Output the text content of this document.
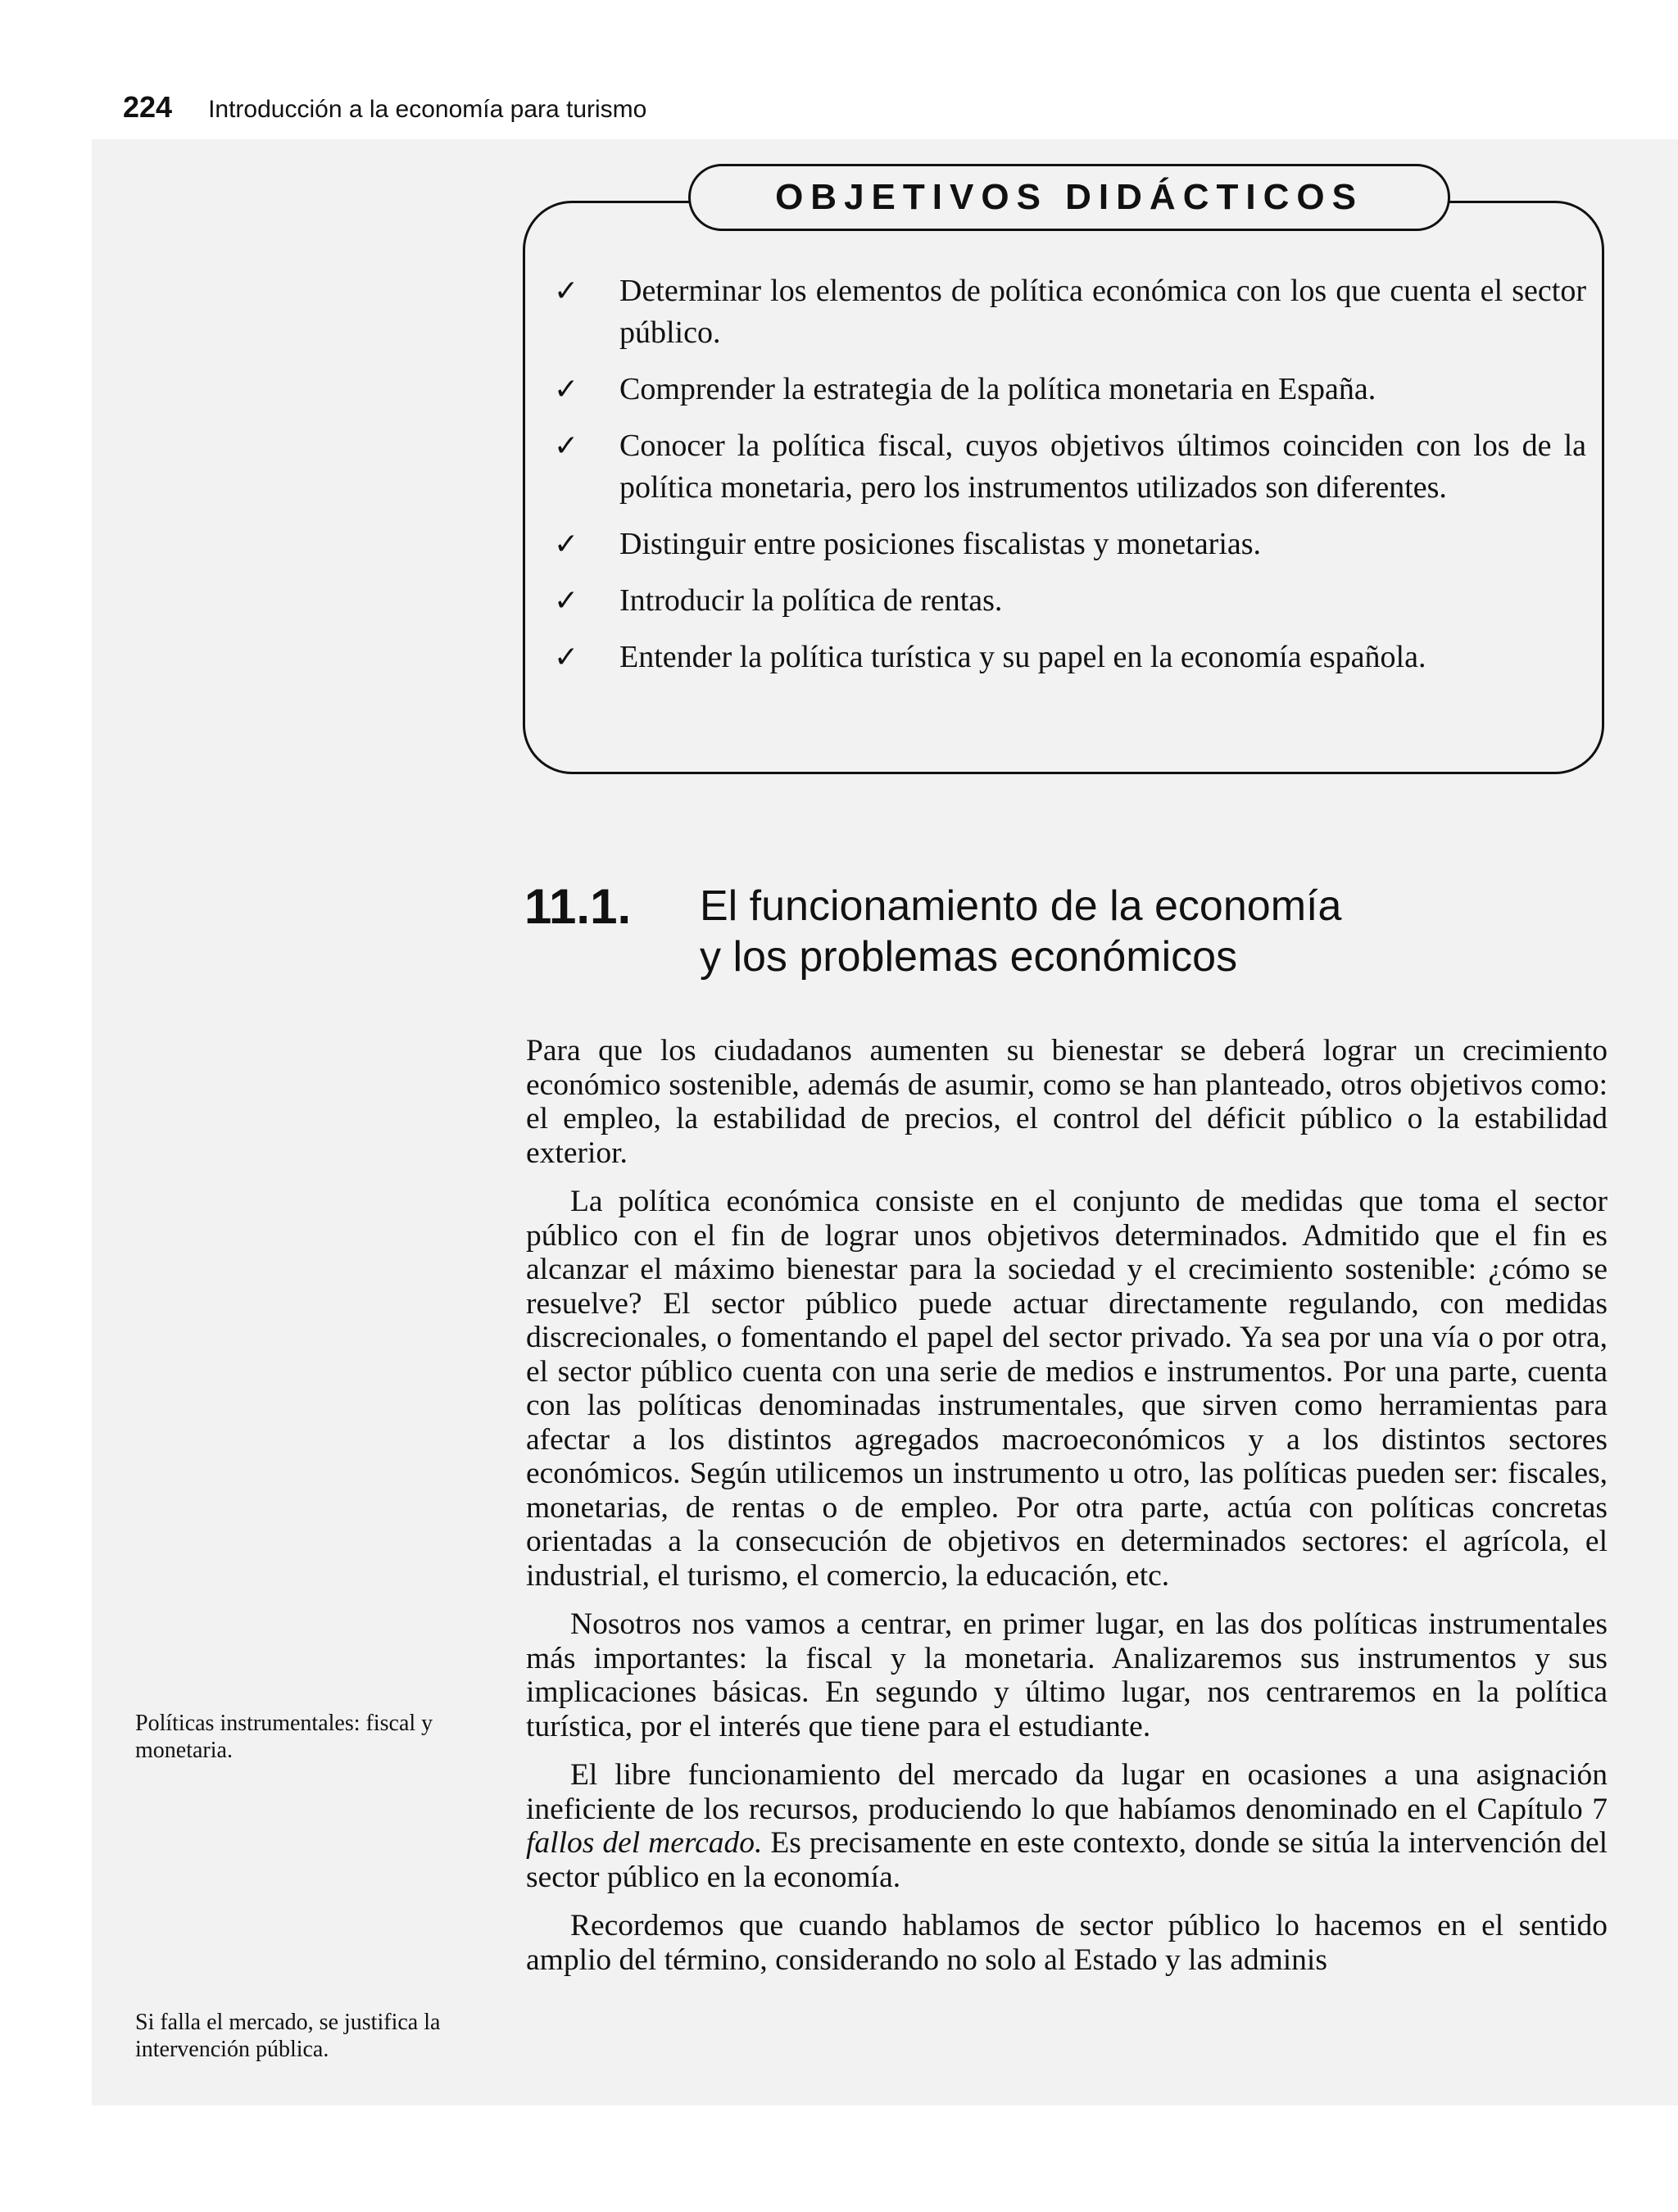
224 Introducción a la economía para turismo
OBJETIVOS DIDÁCTICOS
✓	Determinar los elementos de política económica con los que cuenta el sector público.
✓	Comprender la estrategia de la política monetaria en España.
✓	Conocer la política fiscal, cuyos objetivos últimos coinciden con los de la política monetaria, pero los instrumentos utilizados son diferentes.
✓	Distinguir entre posiciones fiscalistas y monetarias.
✓	Introducir la política de rentas.
✓	Entender la política turística y su papel en la economía española.
11.1. El funcionamiento de la economía
y los problemas económicos

Para que los ciudadanos aumenten su bienestar se deberá lograr un crecimiento económico sostenible, además de asumir, como se han planteado, otros objetivos como: el empleo, la estabilidad de precios, el control del déficit público o la estabilidad exterior.

La política económica consiste en el conjunto de medidas que toma el sector público con el fin de lograr unos objetivos determinados. Admitido que el fin es alcanzar el máximo bienestar para la sociedad y el crecimiento sostenible: ¿cómo se resuelve? El sector público puede actuar directamente regulando, con medidas discrecionales, o fomentando el papel del sector privado. Ya sea por una vía o por otra, el sector público cuenta con una serie de medios e instrumentos. Por una parte, cuenta con las políticas denominadas instrumentales, que sirven como herramientas para afectar a los distintos agregados macroeconómicos y a los distintos sectores económicos. Según utilicemos un instrumento u otro, las políticas pueden ser: fiscales, monetarias, de rentas o de empleo. Por otra parte, actúa con políticas concretas orientadas a la consecución de objetivos en determinados sectores: el agrícola, el industrial, el turismo, el comercio, la educación, etc.

Nosotros nos vamos a centrar, en primer lugar, en las dos políticas instrumentales más importantes: la fiscal y la monetaria. Analizaremos sus instrumentos y sus implicaciones básicas. En segundo y último lugar, nos centraremos en la política turística, por el interés que tiene para el estudiante.

El libre funcionamiento del mercado da lugar en ocasiones a una asignación ineficiente de los recursos, produciendo lo que habíamos denominado en el Capítulo 7 fallos del mercado. Es precisamente en este contexto, donde se sitúa la intervención del sector público en la economía.

Recordemos que cuando hablamos de sector público lo hacemos en el sentido amplio del término, considerando no solo al Estado y las adminis

Políticas instrumentales: fiscal y monetaria.
Si falla el mercado, se justifica la intervención pública.
